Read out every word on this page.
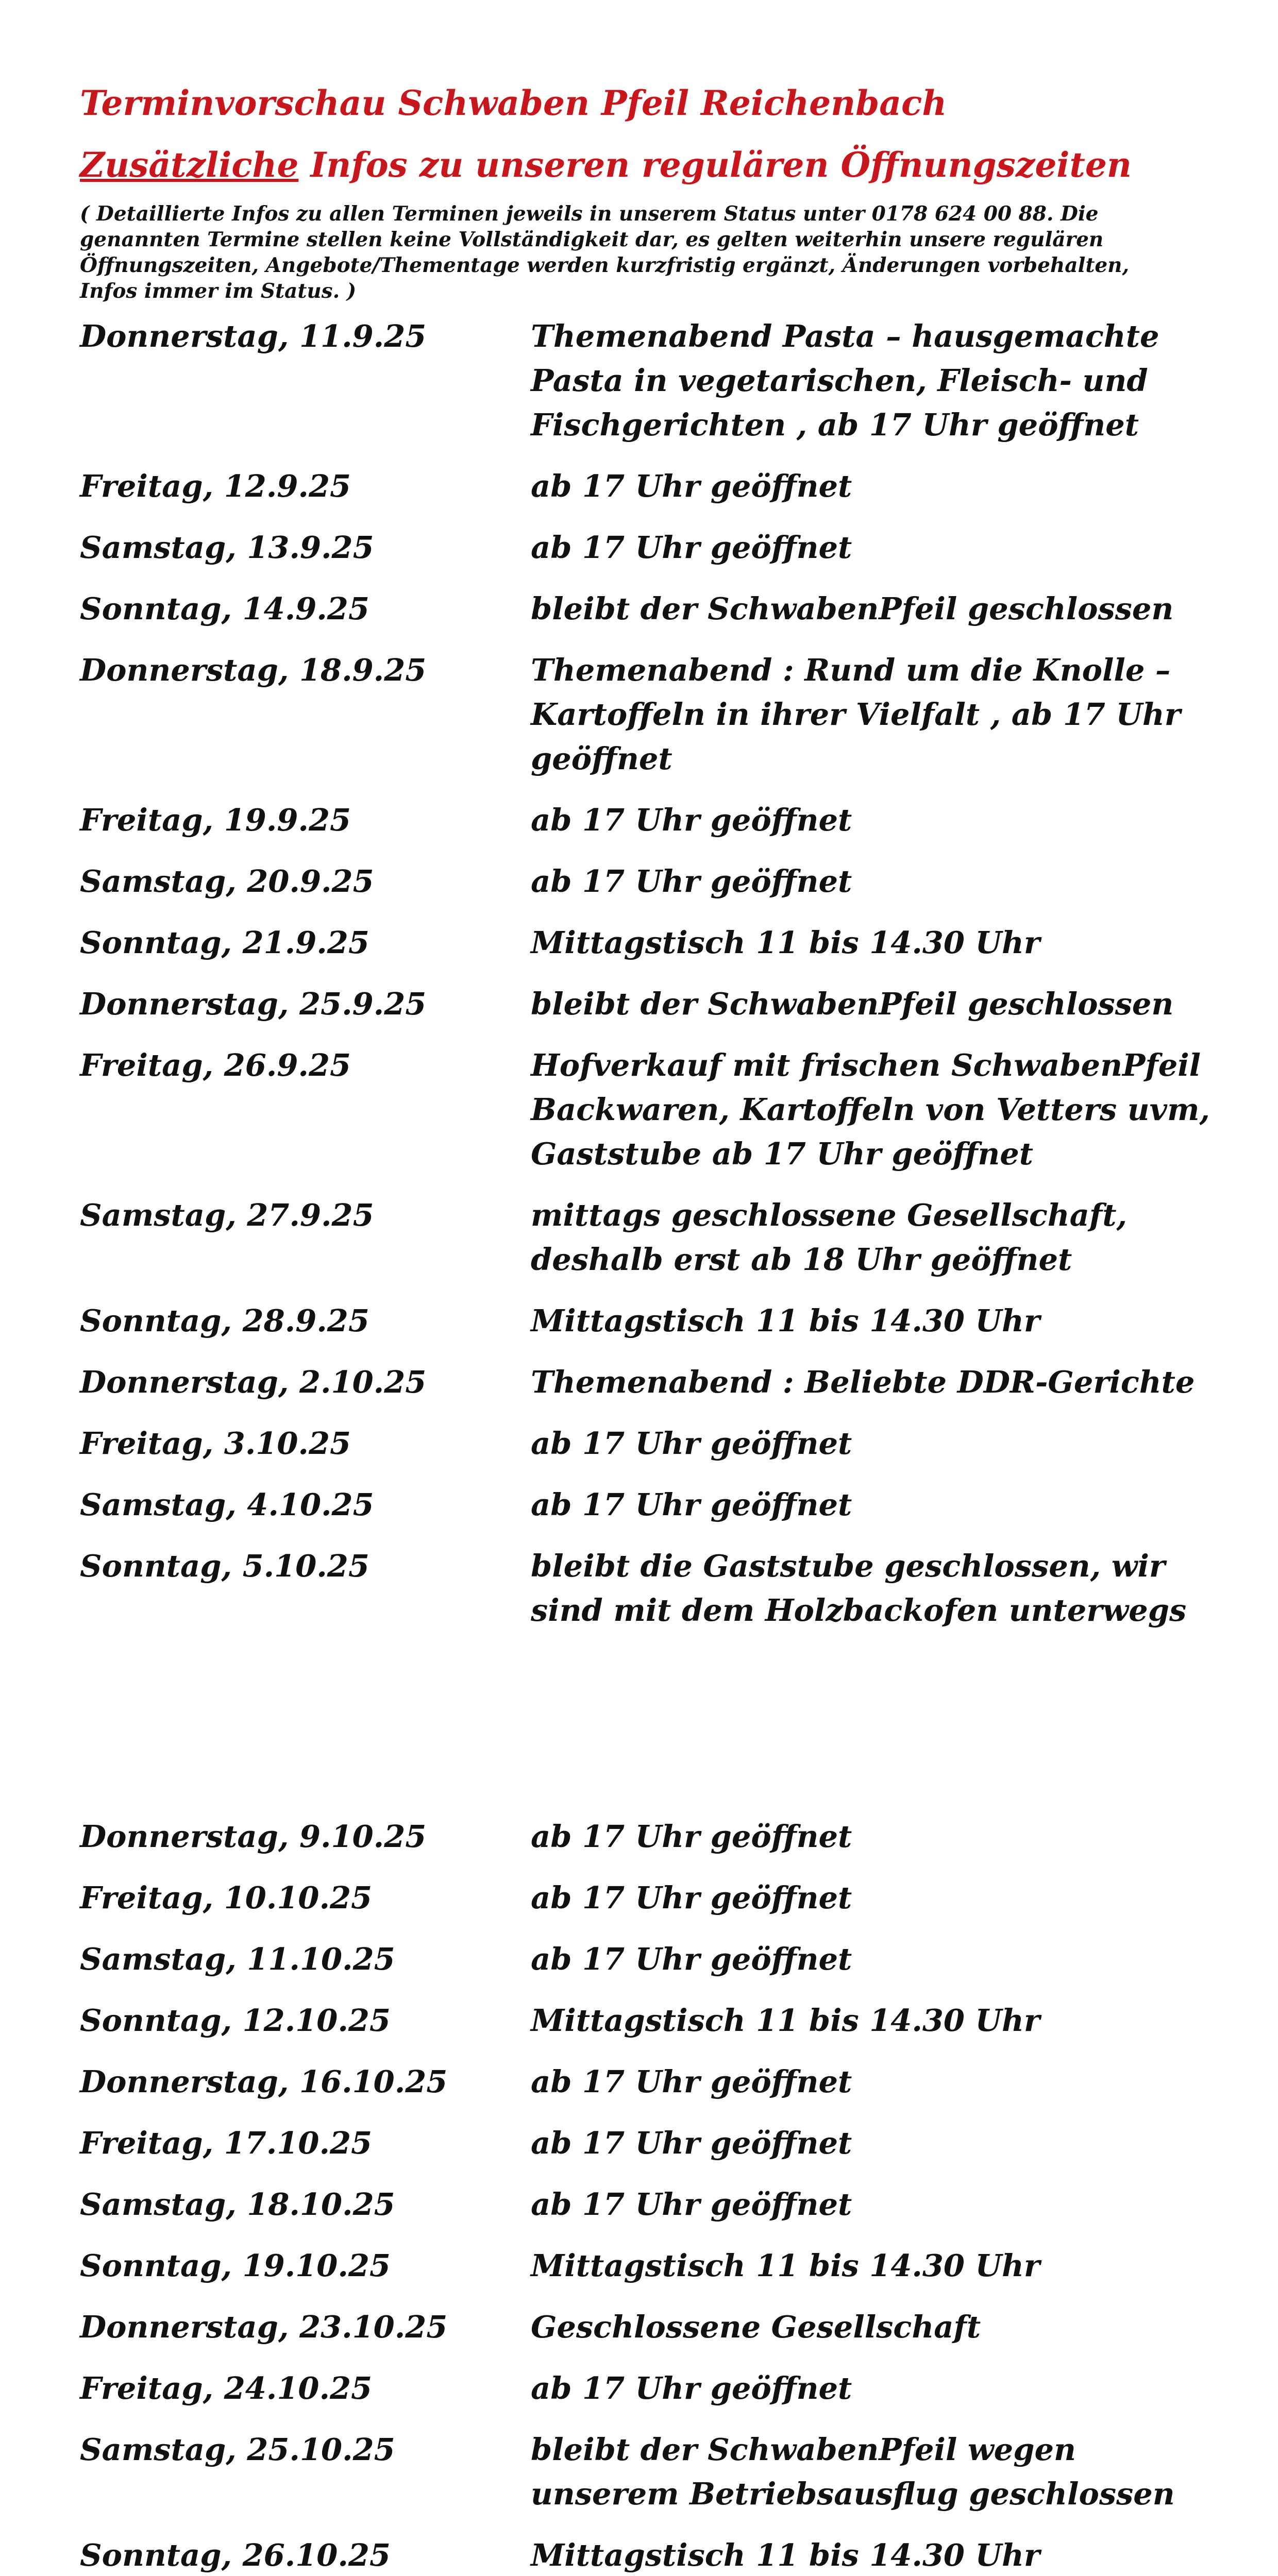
Terminvorschau Schwaben Pfeil Reichenbach
Zusätzliche Infos zu unseren regulären Öffnungszeiten
( Detaillierte Infos zu allen Terminen jeweils in unserem Status unter 0178 624 00 88. Die genannten Termine stellen keine Vollständigkeit dar, es gelten weiterhin unsere regulären Öffnungszeiten, Angebote/Thementage werden kurzfristig ergänzt, Änderungen vorbehalten, Infos immer im Status. )
Donnerstag, 11.9.25	Themenabend Pasta – hausgemachte Pasta in vegetarischen, Fleisch- und Fischgerichten , ab 17 Uhr geöffnet
Freitag, 12.9.25	ab 17 Uhr geöffnet
Samstag, 13.9.25	ab 17 Uhr geöffnet
Sonntag, 14.9.25	bleibt der SchwabenPfeil geschlossen
Donnerstag, 18.9.25	Themenabend : Rund um die Knolle – Kartoffeln in ihrer Vielfalt , ab 17 Uhr geöffnet
Freitag, 19.9.25	ab 17 Uhr geöffnet
Samstag, 20.9.25	ab 17 Uhr geöffnet
Sonntag, 21.9.25	Mittagstisch 11 bis 14.30 Uhr
Donnerstag, 25.9.25	bleibt der SchwabenPfeil geschlossen
Freitag, 26.9.25	Hofverkauf mit frischen SchwabenPfeil Backwaren, Kartoffeln von Vetters uvm, Gaststube ab 17 Uhr geöffnet
Samstag, 27.9.25	mittags geschlossene Gesellschaft, deshalb erst ab 18 Uhr geöffnet
Sonntag, 28.9.25	Mittagstisch 11 bis 14.30 Uhr
Donnerstag, 2.10.25	Themenabend : Beliebte DDR-Gerichte
Freitag, 3.10.25	ab 17 Uhr geöffnet
Samstag, 4.10.25	ab 17 Uhr geöffnet
Sonntag, 5.10.25	bleibt die Gaststube geschlossen, wir sind mit dem Holzbackofen unterwegs
Donnerstag, 9.10.25	ab 17 Uhr geöffnet
Freitag, 10.10.25	ab 17 Uhr geöffnet
Samstag, 11.10.25	ab 17 Uhr geöffnet
Sonntag, 12.10.25	Mittagstisch 11 bis 14.30 Uhr
Donnerstag, 16.10.25	ab 17 Uhr geöffnet
Freitag, 17.10.25	ab 17 Uhr geöffnet
Samstag, 18.10.25	ab 17 Uhr geöffnet
Sonntag, 19.10.25	Mittagstisch 11 bis 14.30 Uhr
Donnerstag, 23.10.25	Geschlossene Gesellschaft
Freitag, 24.10.25	ab 17 Uhr geöffnet
Samstag, 25.10.25	bleibt der SchwabenPfeil wegen unserem Betriebsausflug geschlossen
Sonntag, 26.10.25	Mittagstisch 11 bis 14.30 Uhr
